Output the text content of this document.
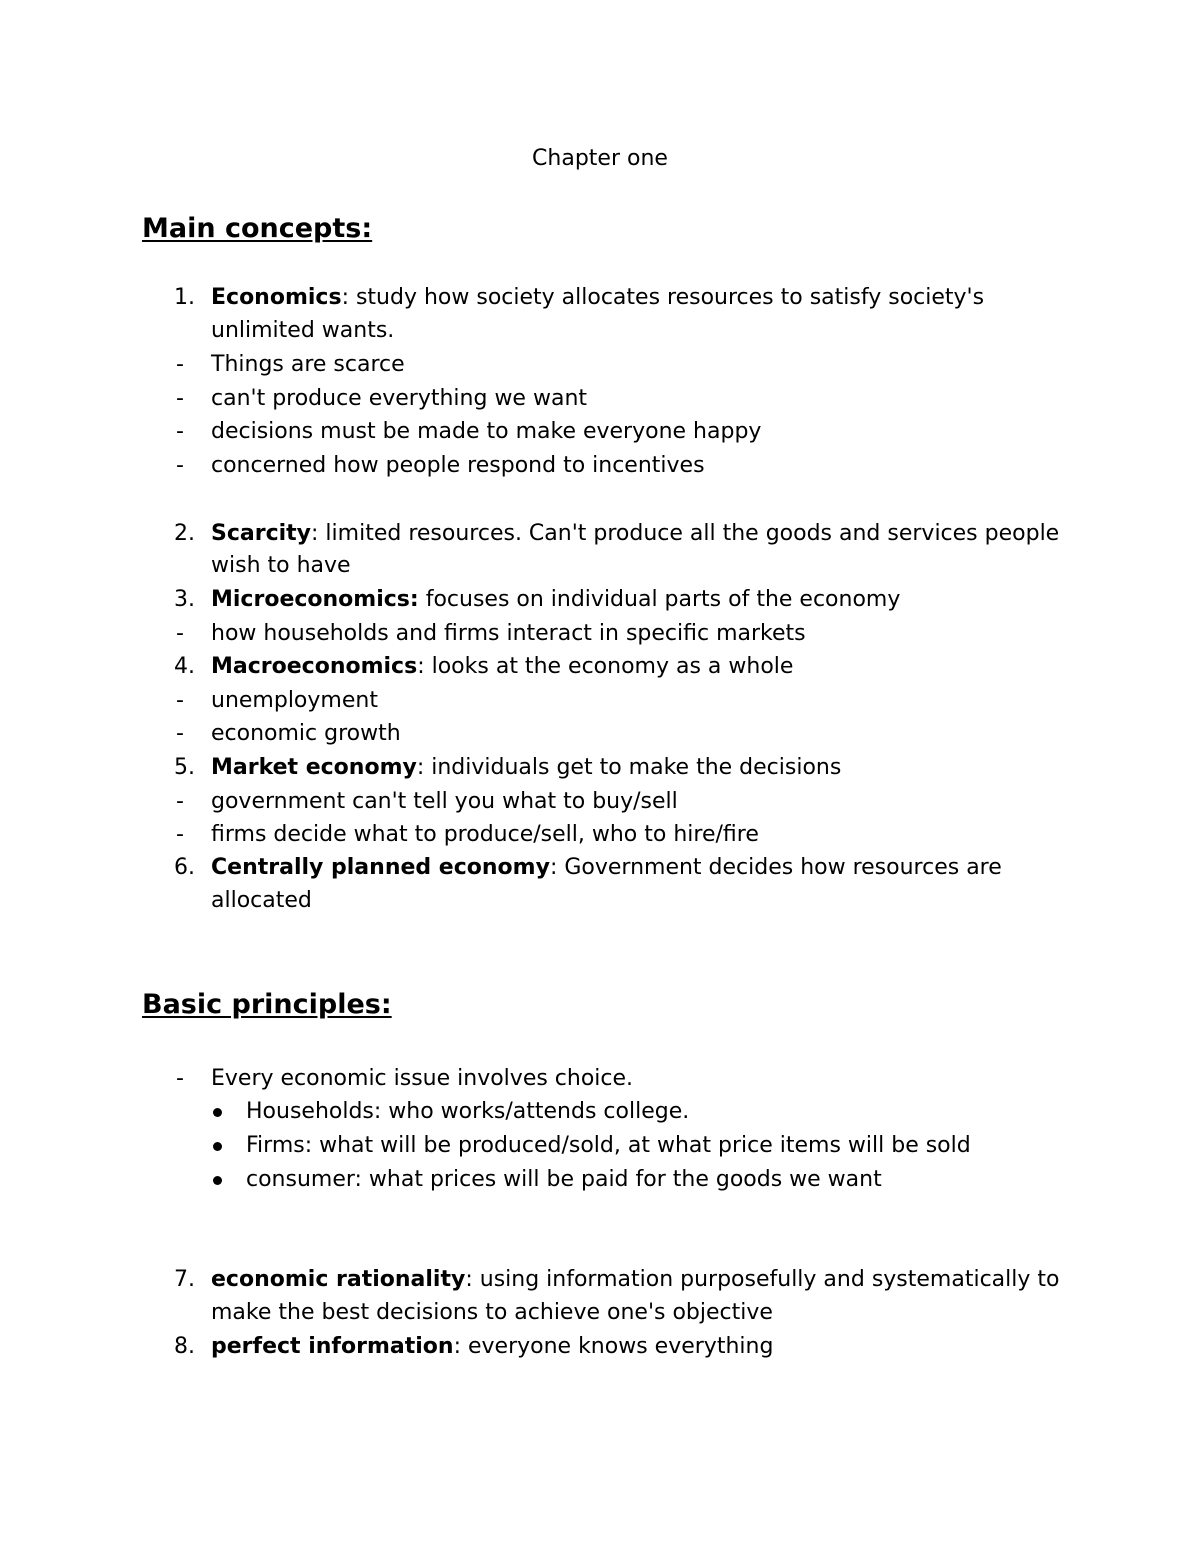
Chapter one
Main concepts:
1. Economics: study how society allocates resources to satisfy society's
unlimited wants.
- Things are scarce
- can't produce everything we want
- decisions must be made to make everyone happy
- concerned how people respond to incentives
2. Scarcity: limited resources. Can't produce all the goods and services people
wish to have
3. Microeconomics: focuses on individual parts of the economy
- how households and firms interact in specific markets
4. Macroeconomics: looks at the economy as a whole
- unemployment
- economic growth
5. Market economy: individuals get to make the decisions
- government can't tell you what to buy/sell
- firms decide what to produce/sell, who to hire/fire
6. Centrally planned economy: Government decides how resources are
allocated
Basic principles:
- Every economic issue involves choice.
Households: who works/attends college.
Firms: what will be produced/sold, at what price items will be sold
consumer: what prices will be paid for the goods we want
7. economic rationality: using information purposefully and systematically to
make the best decisions to achieve one's objective
8. perfect information: everyone knows everything
